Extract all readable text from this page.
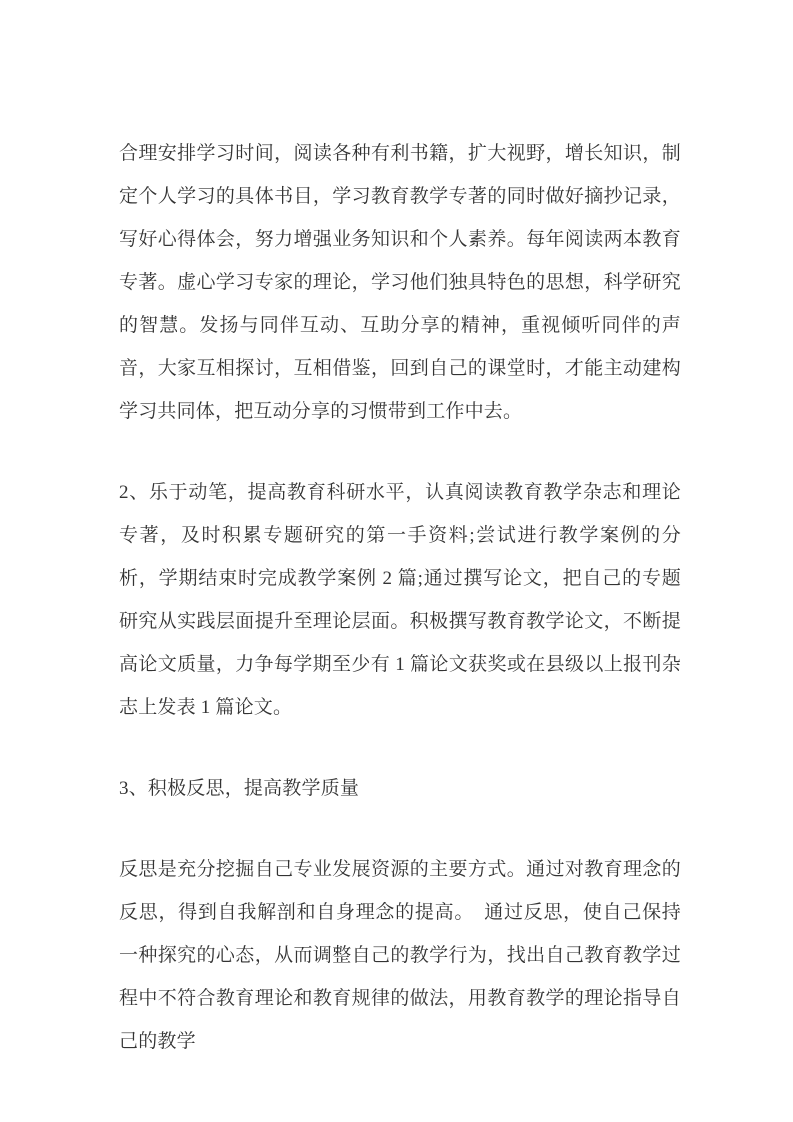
合理安排学习时间，阅读各种有利书籍，扩大视野，增长知识，制定个人学习的具体书目，学习教育教学专著的同时做好摘抄记录，写好心得体会，努力增强业务知识和个人素养。每年阅读两本教育专著。虚心学习专家的理论，学习他们独具特色的思想，科学研究的智慧。发扬与同伴互动、互助分享的精神，重视倾听同伴的声音，大家互相探讨，互相借鉴，回到自己的课堂时，才能主动建构学习共同体，把互动分享的习惯带到工作中去。

2、乐于动笔，提高教育科研水平，认真阅读教育教学杂志和理论专著，及时积累专题研究的第一手资料;尝试进行教学案例的分析，学期结束时完成教学案例 2 篇;通过撰写论文，把自己的专题研究从实践层面提升至理论层面。积极撰写教育教学论文，不断提高论文质量，力争每学期至少有 1 篇论文获奖或在县级以上报刊杂志上发表 1 篇论文。

3、积极反思，提高教学质量

反思是充分挖掘自己专业发展资源的主要方式。通过对教育理念的反思，得到自我解剖和自身理念的提高。　通过反思，使自己保持一种探究的心态，从而调整自己的教学行为，找出自己教育教学过程中不符合教育理论和教育规律的做法，用教育教学的理论指导自己的教学
